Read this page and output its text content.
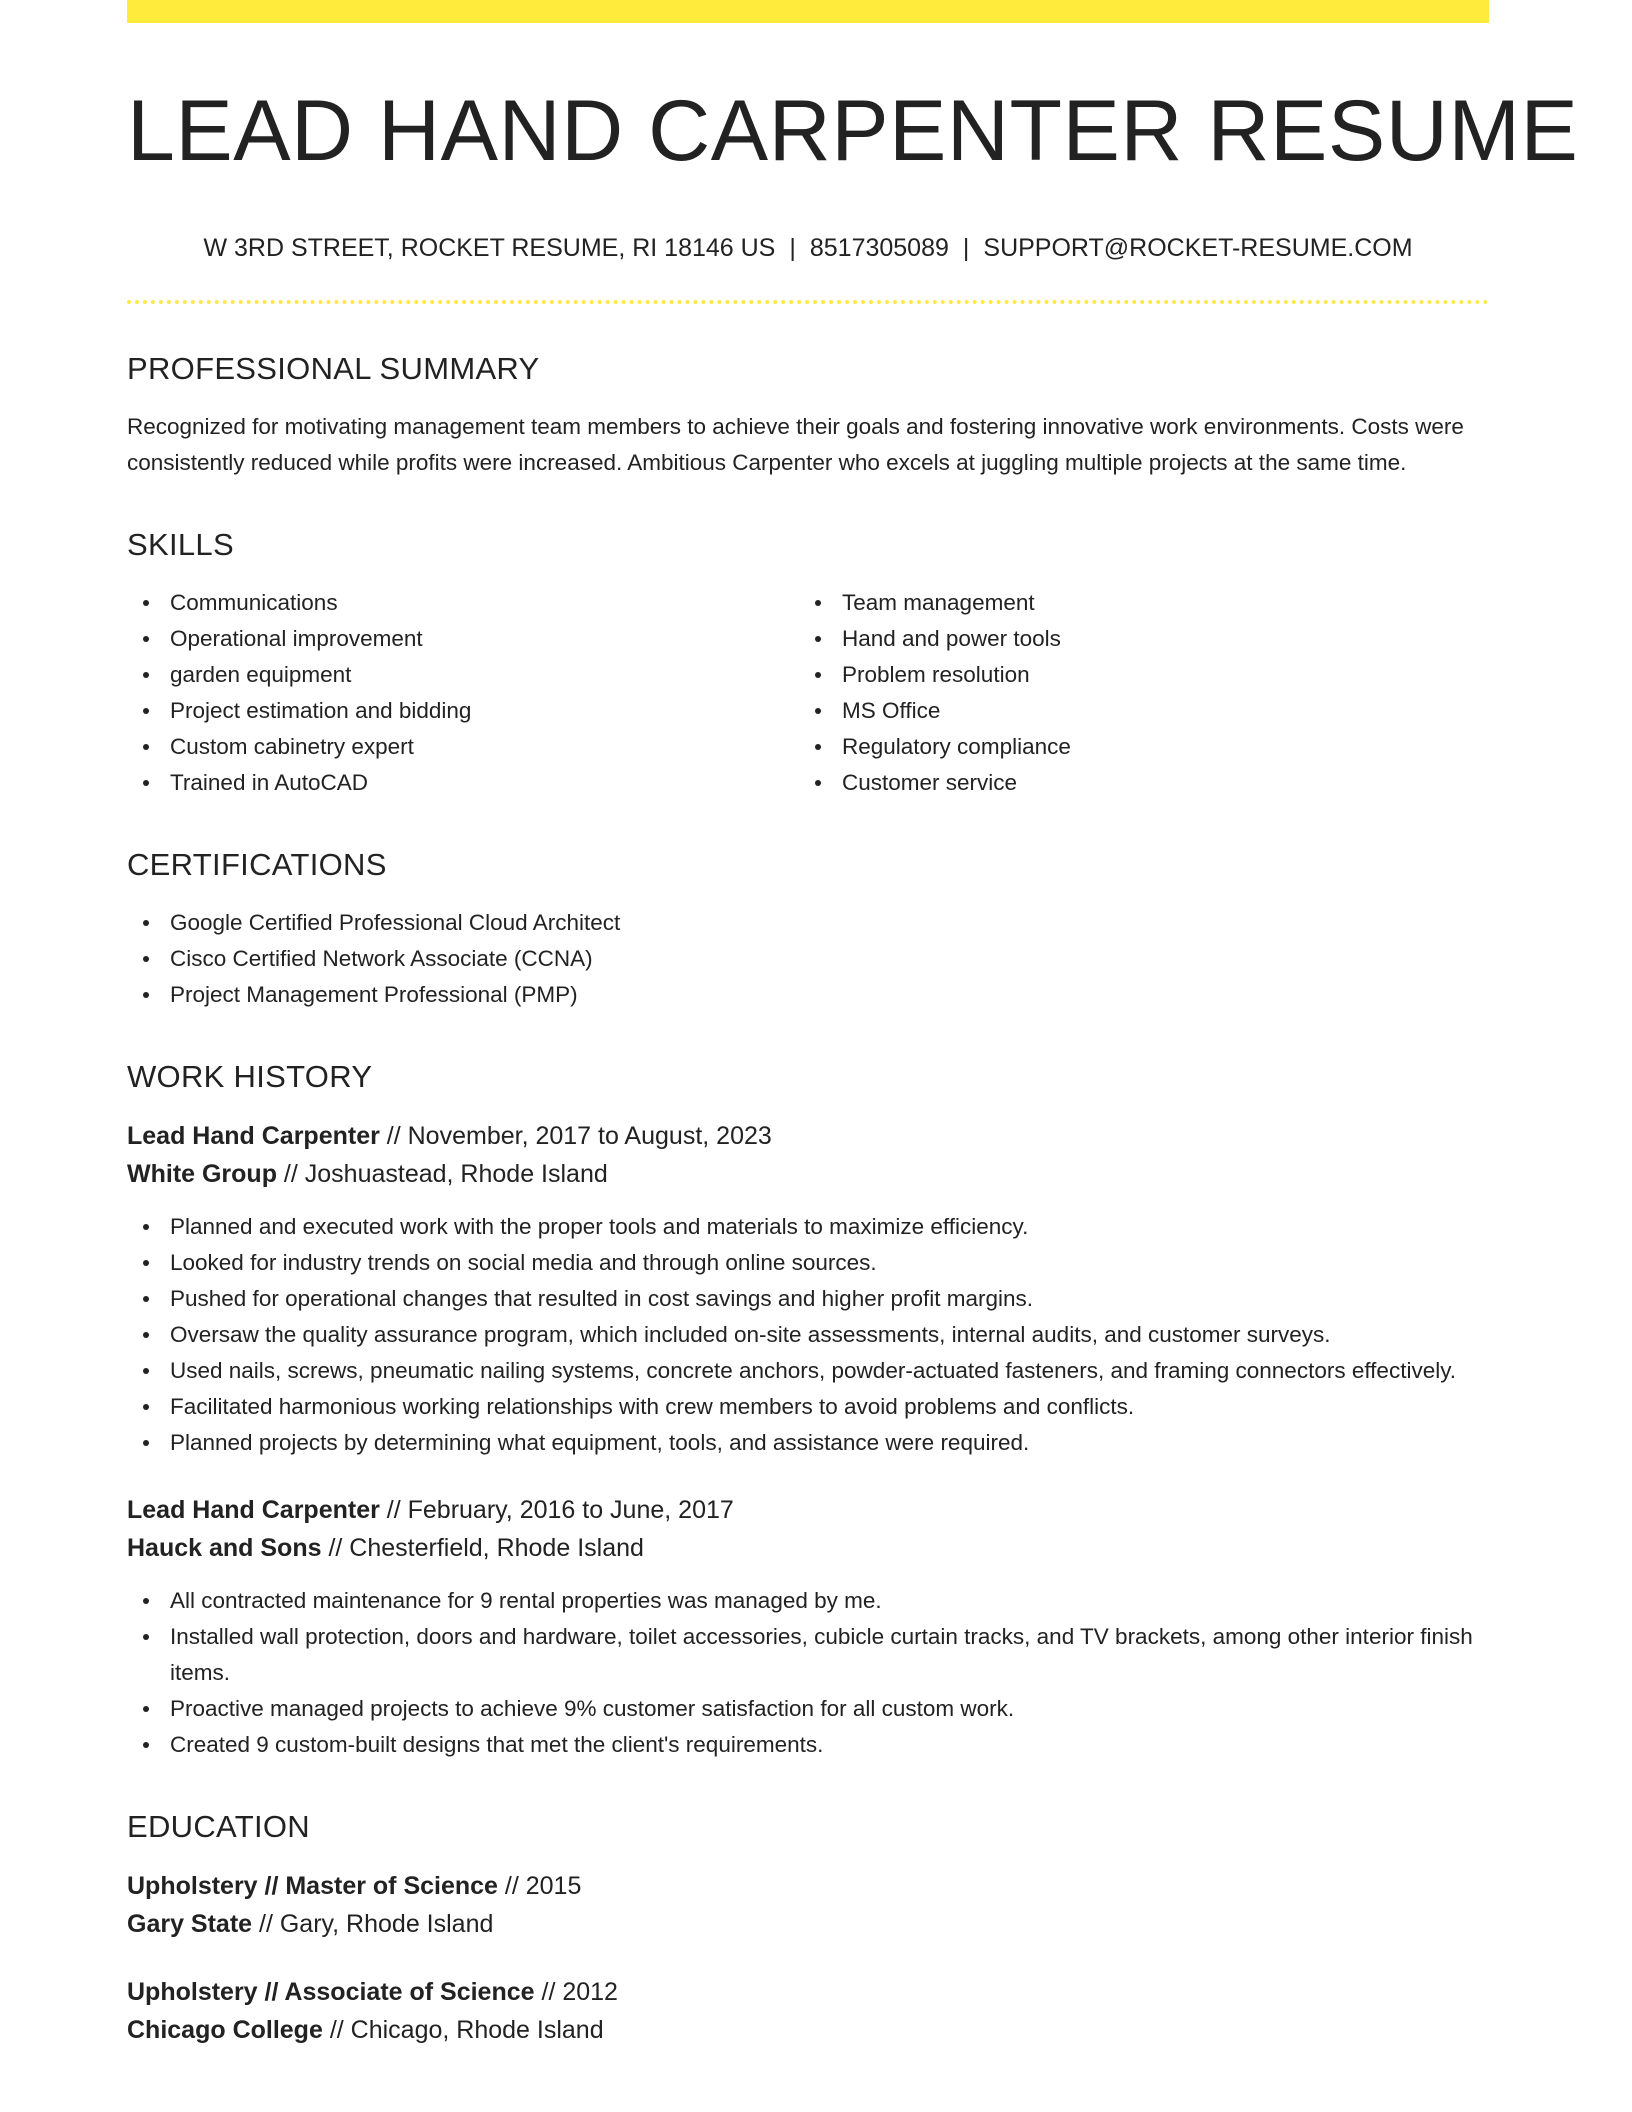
LEAD HAND CARPENTER RESUME
W 3RD STREET, ROCKET RESUME, RI 18146 US | 8517305089 | SUPPORT@ROCKET-RESUME.COM
PROFESSIONAL SUMMARY

Recognized for motivating management team members to achieve their goals and fostering innovative work environments. Costs were consistently reduced while profits were increased. Ambitious Carpenter who excels at juggling multiple projects at the same time.

SKILLS
Communications
Operational improvement
garden equipment
Project estimation and bidding
Custom cabinetry expert
Trained in AutoCAD
Team management
Hand and power tools
Problem resolution
MS Office
Regulatory compliance
Customer service
CERTIFICATIONS
Google Certified Professional Cloud Architect
Cisco Certified Network Associate (CCNA)
Project Management Professional (PMP)
WORK HISTORY
Lead Hand Carpenter // November, 2017 to August, 2023
White Group // Joshuastead, Rhode Island
Planned and executed work with the proper tools and materials to maximize efficiency.
Looked for industry trends on social media and through online sources.
Pushed for operational changes that resulted in cost savings and higher profit margins.
Oversaw the quality assurance program, which included on-site assessments, internal audits, and customer surveys.
Used nails, screws, pneumatic nailing systems, concrete anchors, powder-actuated fasteners, and framing connectors effectively.
Facilitated harmonious working relationships with crew members to avoid problems and conflicts.
Planned projects by determining what equipment, tools, and assistance were required.
Lead Hand Carpenter // February, 2016 to June, 2017
Hauck and Sons // Chesterfield, Rhode Island
All contracted maintenance for 9 rental properties was managed by me.
Installed wall protection, doors and hardware, toilet accessories, cubicle curtain tracks, and TV brackets, among other interior finish items.
Proactive managed projects to achieve 9% customer satisfaction for all custom work.
Created 9 custom-built designs that met the client's requirements.
EDUCATION
Upholstery // Master of Science // 2015
Gary State // Gary, Rhode Island
Upholstery // Associate of Science // 2012
Chicago College // Chicago, Rhode Island
